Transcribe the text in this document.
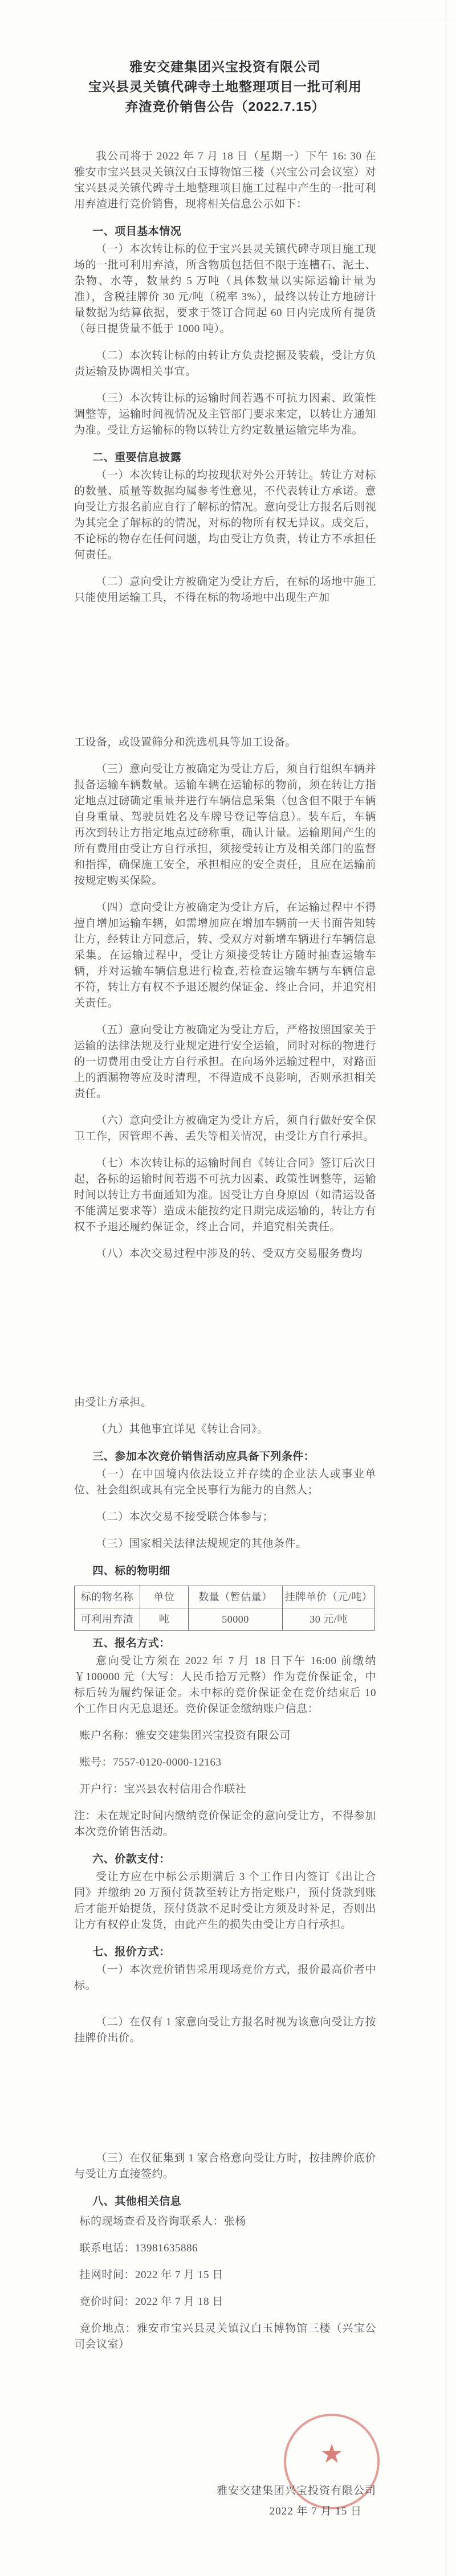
雅安交建集团兴宝投资有限公司
宝兴县灵关镇代碑寺土地整理项目一批可利用
弃渣竞价销售公告（2022.7.15）

我公司将于 2022 年 7 月 18 日（星期一）下午 16: 30 在雅安市宝兴县灵关镇汉白玉博物馆三楼（兴宝公司会议室）对宝兴县灵关镇代碑寺土地整理项目施工过程中产生的一批可利用弃渣进行竞价销售，现将相关信息公示如下：

一、项目基本情况

（一）本次转让标的位于宝兴县灵关镇代碑寺项目施工现场的一批可利用弃渣，所含物质包括但不限于连槽石、泥土、杂物、水等，数量约 5 万吨（具体数量以实际运输计量为准），含税挂牌价 30 元/吨（税率 3%），最终以转让方地磅计量数据为结算依据，要求于签订合同起 60 日内完成所有提货（每日提货量不低于 1000 吨）。

（二）本次转让标的由转让方负责挖掘及装载，受让方负责运输及协调相关事宜。

（三）本次转让标的运输时间若遇不可抗力因素、政策性调整等，运输时间视情况及主管部门要求来定，以转让方通知为准。受让方运输标的物以转让方约定数量运输完毕为准。

二、重要信息披露

（一）本次转让标的均按现状对外公开转让。转让方对标的数量、质量等数据均属参考性意见，不代表转让方承诺。意向受让方报名前应自行了解标的情况。意向受让方报名后则视为其完全了解标的的情况，对标的物所有权无异议。成交后，不论标的物存在任何问题，均由受让方负责，转让方不承担任何责任。

（二）意向受让方被确定为受让方后，在标的场地中施工只能使用运输工具，不得在标的物场地中出现生产加

工设备，或设置筛分和洗选机具等加工设备。

（三）意向受让方被确定为受让方后，须自行组织车辆并报备运输车辆数量。运输车辆在运输标的物前，须在转让方指定地点过磅确定重量并进行车辆信息采集（包含但不限于车辆自身重量、驾驶员姓名及车牌号登记等信息）。装车后，车辆再次到转让方指定地点过磅称重，确认计量。运输期间产生的所有费用由受让方自行承担，须接受转让方及相关部门的监督和指挥，确保施工安全，承担相应的安全责任，且应在运输前按规定购买保险。

（四）意向受让方被确定为受让方后，在运输过程中不得擅自增加运输车辆，如需增加应在增加车辆前一天书面告知转让方，经转让方同意后，转、受双方对新增车辆进行车辆信息采集。在运输过程中，受让方须接受转让方随时抽查运输车辆，并对运输车辆信息进行检查,若检查运输车辆与车辆信息不符，转让方有权不予退还履约保证金、终止合同，并追究相关责任。

（五）意向受让方被确定为受让方后，严格按照国家关于运输的法律法规及行业规定进行安全运输，同时对标的物进行的一切费用由受让方自行承担。在向场外运输过程中，对路面上的洒漏物等应及时清理，不得造成不良影响，否则承担相关责任。

（六）意向受让方被确定为受让方后，须自行做好安全保卫工作，因管理不善、丢失等相关情况，由受让方自行承担。

（七）本次转让标的运输时间自《转让合同》签订后次日起，各标的运输时间若遇不可抗力因素、政策性调整等，运输时间以转让方书面通知为准。因受让方自身原因（如清运设备不能满足要求等）造成未能按约定日期完成运输的，转让方有权不予退还履约保证金，终止合同，并追究相关责任。

（八）本次交易过程中涉及的转、受双方交易服务费均

由受让方承担。

（九）其他事宜详见《转让合同》。

三、参加本次竞价销售活动应具备下列条件：

（一）在中国境内依法设立并存续的企业法人或事业单位、社会组织或具有完全民事行为能力的自然人；

（二）本次交易不接受联合体参与；

（三）国家相关法律法规规定的其他条件。

四、标的物明细
标的物名称	单位	数量（暂估量）	挂牌单价（元/吨）
可利用弃渣	吨	50000	30 元/吨
五、报名方式：

意向受让方须在 2022 年 7 月 18 日下午 16:00 前缴纳 ￥100000 元（大写：人民币拾万元整）作为竞价保证金，中标后转为履约保证金。未中标的竞价保证金在竞价结束后 10 个工作日内无息退还。竞价保证金缴纳账户信息：

账户名称：雅安交建集团兴宝投资有限公司

账号：7557-0120-0000-12163

开户行：宝兴县农村信用合作联社

注：未在规定时间内缴纳竞价保证金的意向受让方，不得参加本次竞价销售活动。

六、价款支付：

受让方应在中标公示期满后 3 个工作日内签订《出让合同》并缴纳 20 万预付货款至转让方指定账户，预付货款到账后才能开始提货，预付货款不足时受让方须及时补足，否则出让方有权停止发货，由此产生的损失由受让方自行承担。

七、报价方式：

（一）本次竞价销售采用现场竞价方式，报价最高价者中标。

（二）在仅有 1 家意向受让方报名时视为该意向受让方按挂牌价出价。

（三）在仅征集到 1 家合格意向受让方时，按挂牌价底价与受让方直接签约。

八、其他相关信息

标的现场查看及咨询联系人：张杨

联系电话：13981635886

挂网时间：2022 年 7 月 15 日

竞价时间：2022 年 7 月 18 日

竞价地点：雅安市宝兴县灵关镇汉白玉博物馆三楼（兴宝公司会议室）

★
雅安交建集团兴宝投资有限公司
2022 年 7 月 15 日
